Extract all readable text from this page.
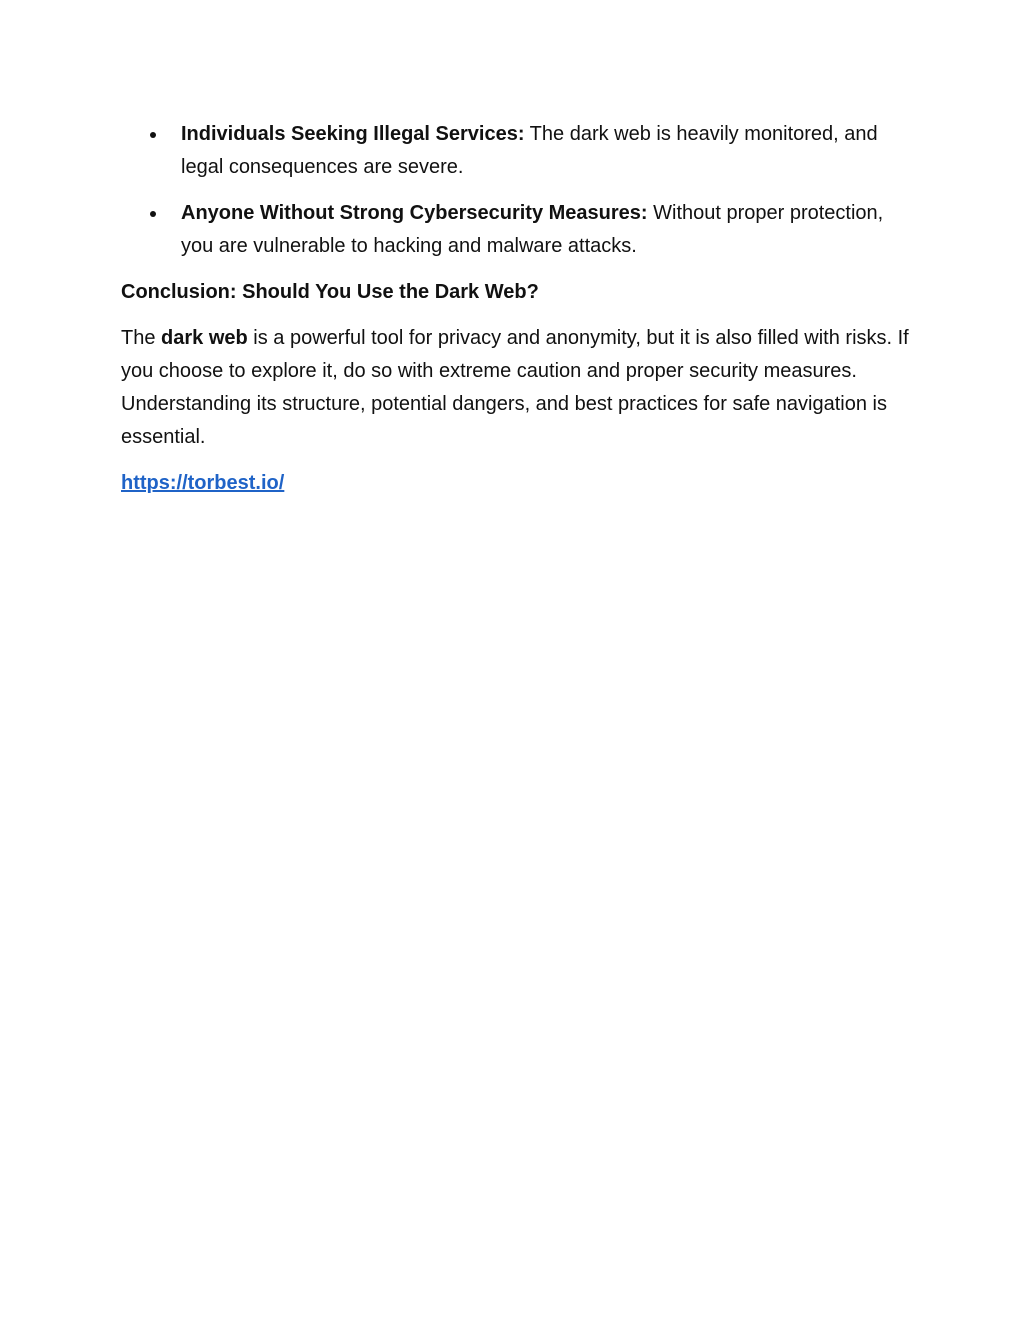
Individuals Seeking Illegal Services: The dark web is heavily monitored, and legal consequences are severe.
Anyone Without Strong Cybersecurity Measures: Without proper protection, you are vulnerable to hacking and malware attacks.
Conclusion: Should You Use the Dark Web?

The dark web is a powerful tool for privacy and anonymity, but it is also filled with risks. If you choose to explore it, do so with extreme caution and proper security measures. Understanding its structure, potential dangers, and best practices for safe navigation is essential.

https://torbest.io/
